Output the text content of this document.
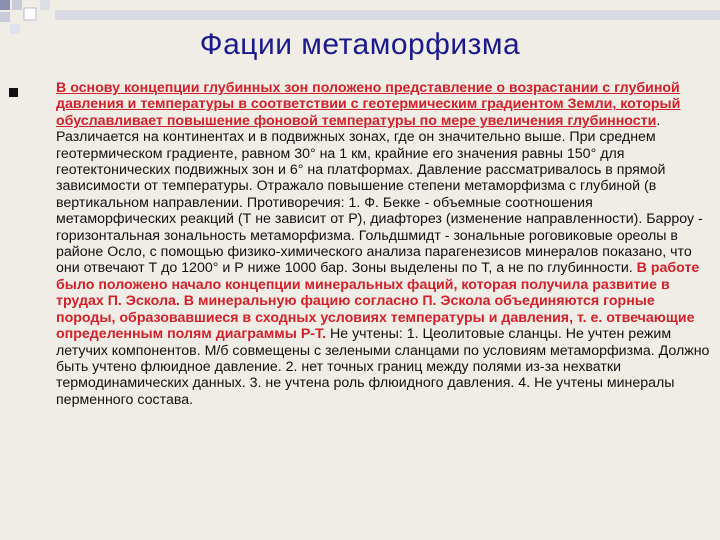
Фации метаморфизма
В основу концепции глубинных зон положено представление о возрастании с глубиной давления и температуры в соответствии с геотермическим градиентом Земли, который обуславливает повышение фоновой температуры по мере увеличения глубинности. Различается на континентах и в подвижных зонах, где он значительно выше. При среднем геотермическом градиенте, равном 30° на 1 км, крайние его значения равны 150° для геотектонических подвижных зон и 6° на платформах. Давление рассматривалось в прямой зависимости от температуры. Отражало повышение степени метаморфизма с глубиной (в вертикальном направлении. Противоречия: 1. Ф. Бекке - объемные соотношения метаморфических реакций (Т не зависит от Р), диафторез (изменение направленности). Барроу - горизонтальная зональность метаморфизма. Гольдшмидт - зональные роговиковые ореолы в районе Осло, с помощью физико-химического анализа парагенезисов минералов показано, что они отвечают Т до 1200° и Р ниже 1000 бар. Зоны выделены по Т, а не по глубинности. В работе было положено начало концепции минеральных фаций, которая получила развитие в трудах П. Эскола. В минеральную фацию согласно П. Эскола объединяются горные породы, образовавшиеся в сходных условиях температуры и давления, т. е. отвечающие определенным полям диаграммы Р-Т. Не учтены: 1. Цеолитовые сланцы. Не учтен режим летучих компонентов. М/б совмещены с зелеными сланцами по условиям метаморфизма. Должно быть учтено флюидное давление. 2. нет точных границ между полями из-за нехватки термодинамических данных. 3. не учтена роль флюидного давления. 4. Не учтены минералы перменного состава.
